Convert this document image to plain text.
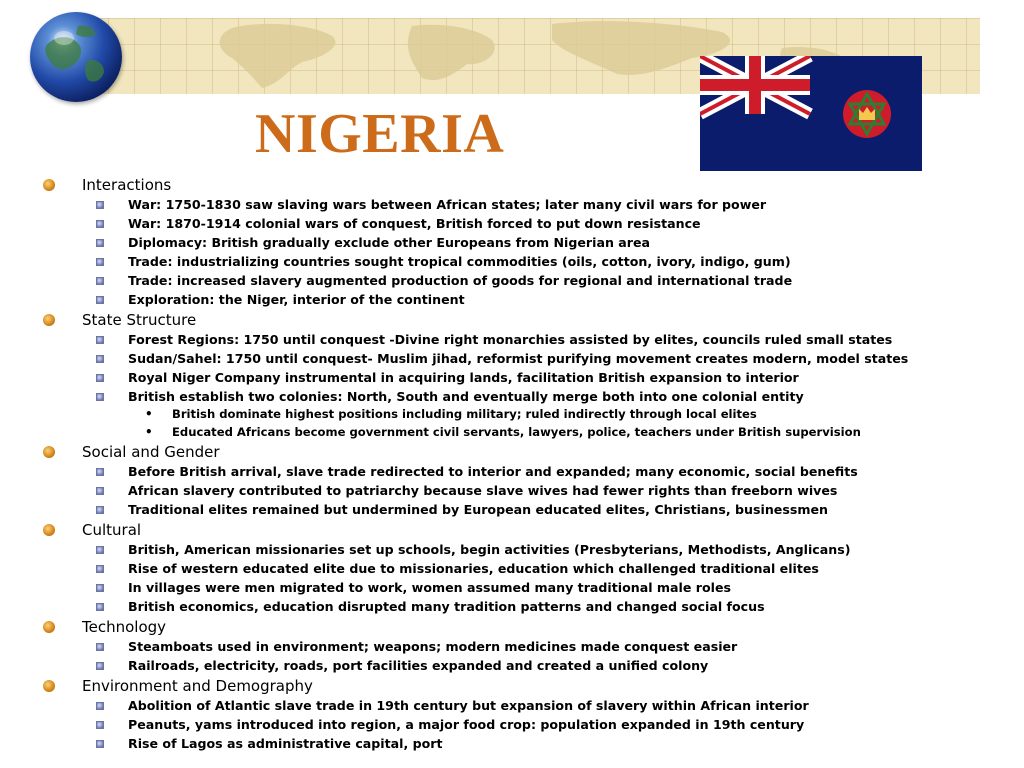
NIGERIA
Interactions
War: 1750-1830 saw slaving wars between African states; later many civil wars for power
War: 1870-1914 colonial wars of conquest, British forced to put down resistance
Diplomacy: British gradually exclude other Europeans from Nigerian area
Trade: industrializing countries sought tropical commodities (oils, cotton, ivory, indigo, gum)
Trade: increased slavery augmented production of goods for regional and international trade
Exploration: the Niger, interior of the continent
State Structure
Forest Regions: 1750 until conquest -Divine right monarchies assisted by elites, councils ruled small states
Sudan/Sahel: 1750 until conquest- Muslim jihad, reformist purifying movement creates modern, model states
Royal Niger Company instrumental in acquiring lands, facilitation British expansion to interior
British establish two colonies: North, South and eventually merge both into one colonial entity
• British dominate highest positions including military; ruled indirectly through local elites
• Educated Africans become government civil servants, lawyers, police, teachers under British supervision
Social and Gender
Before British arrival, slave trade redirected to interior and expanded; many economic, social benefits
African slavery contributed to patriarchy because slave wives had fewer rights than freeborn wives
Traditional elites remained but undermined by European educated elites, Christians, businessmen
Cultural
British, American missionaries set up schools, begin activities (Presbyterians, Methodists, Anglicans)
Rise of western educated elite due to missionaries, education which challenged traditional elites
In villages were men migrated to work, women assumed many traditional male roles
British economics, education disrupted many tradition patterns and changed social focus
Technology
Steamboats used in environment; weapons; modern medicines made conquest easier
Railroads, electricity, roads, port facilities expanded and created a unified colony
Environment and Demography
Abolition of Atlantic slave trade in 19th century but expansion of slavery within African interior
Peanuts, yams introduced into region, a major food crop: population expanded in 19th century
Rise of Lagos as administrative capital, port
